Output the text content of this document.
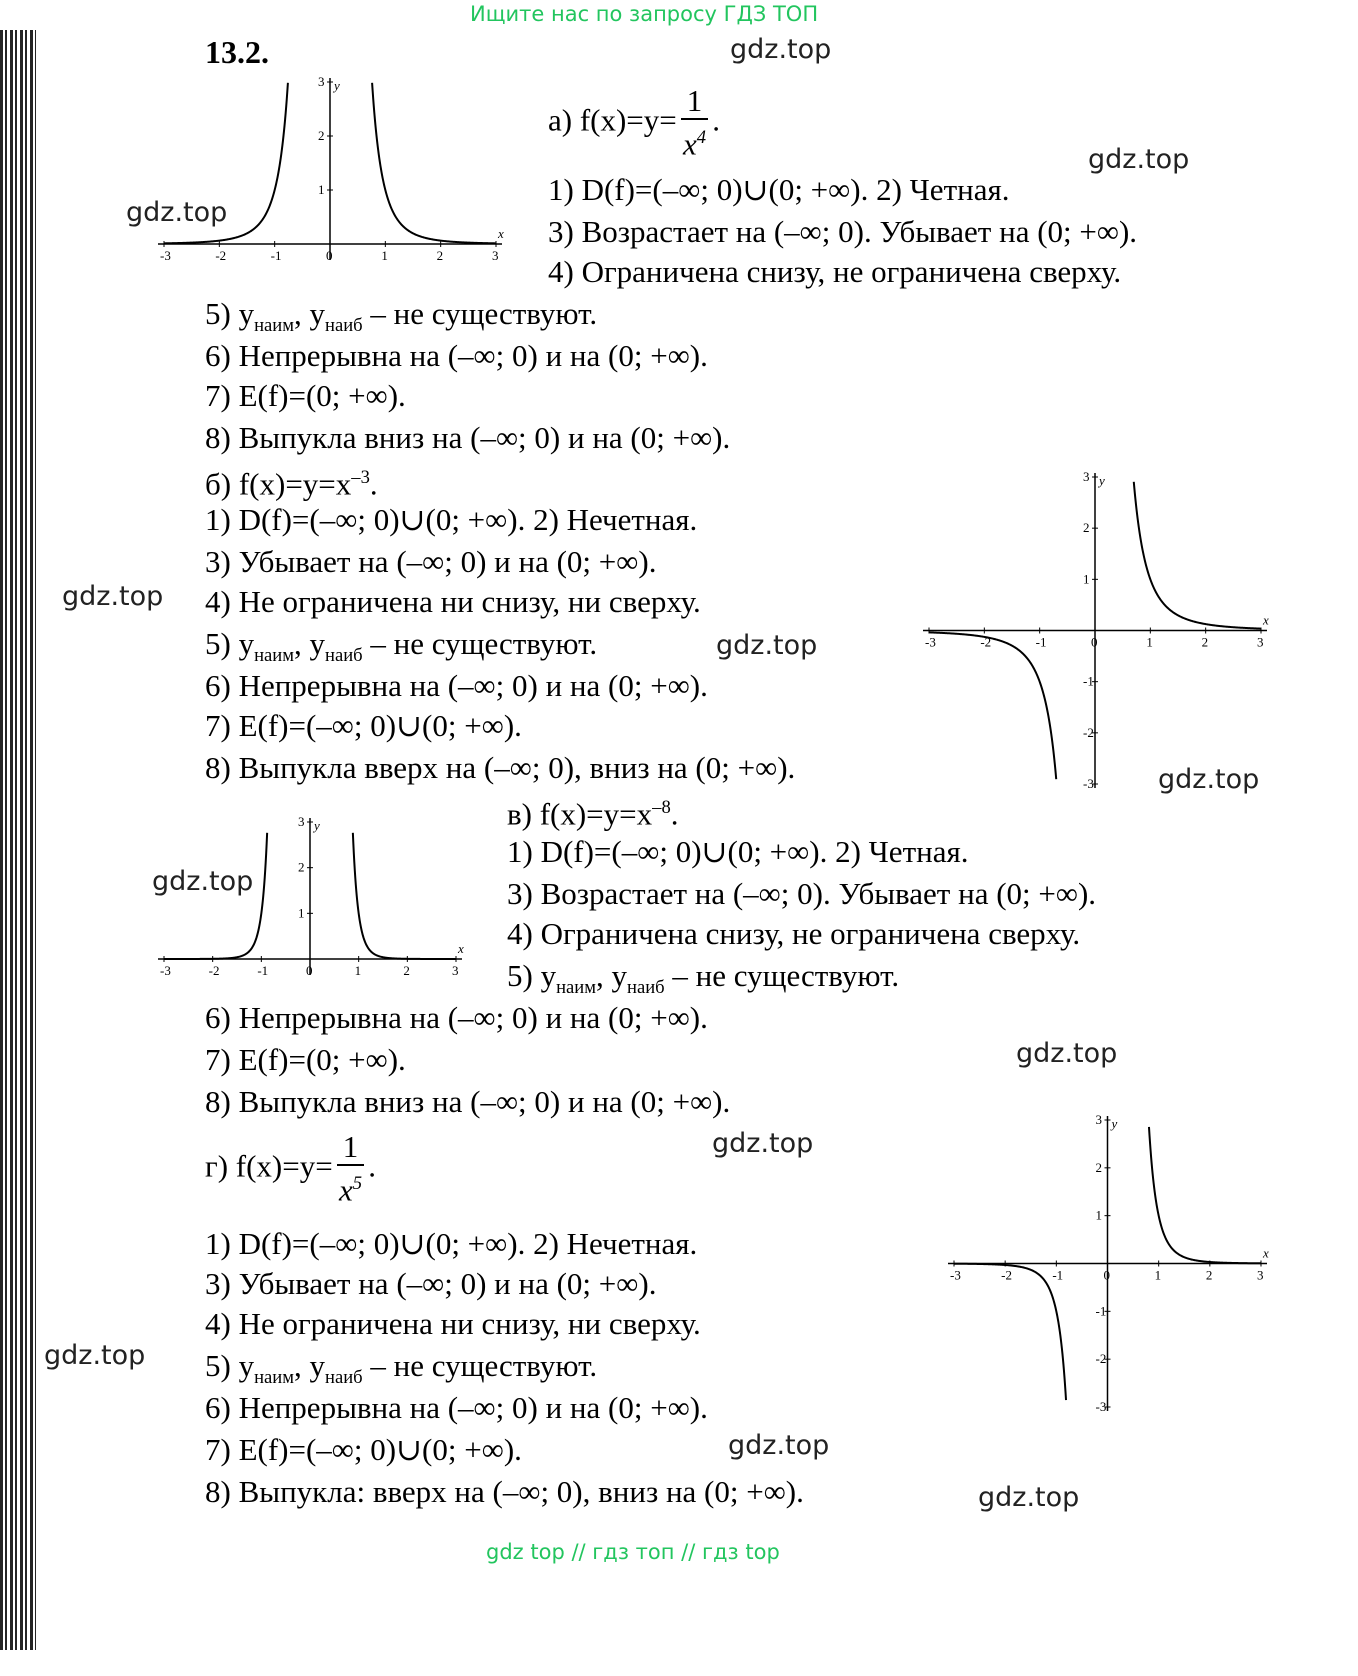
Ищите нас по запросу ГДЗ ТОП
13.2.	gdz.top
gdz.top
gdz.top
gdz.top
gdz.top
gdz.top
gdz.top
gdz.top
gdz.top
gdz.top
gdz.top
gdz.top
x
y
-3	-2	-1	0	1	2	3
1
2
3
x
y
-3	-2	-1	0	1	2	3
-3
-2
-1
1
2
3
x
y
-3	-2	-1	0	1	2	3
1
2
3
x
y
-3	-2	-1	0	1	2	3
-3
-2
-1
1
2
3
а) $f(x)=y= \frac{1}{x^4}$ .
1) D(f)=(–∞; 0)∪(0; +∞). 2) Четная.
3) Возрастает на (–∞; 0). Убывает на (0; +∞).
4) Ограничена снизу, не ограничена сверху.
5) $y_{наим}$, $y_{наиб}$ – не существуют.
6) Непрерывна на (–∞; 0) и на (0; +∞).
7) E(f)=(0; +∞).
8) Выпукла вниз на (–∞; 0) и на (0; +∞).
б) $f(x)=y=x^{-3}$.
1) D(f)=(–∞; 0)∪(0; +∞). 2) Нечетная.
3) Убывает на (–∞; 0) и на (0; +∞).
4) Не ограничена ни снизу, ни сверху.
5) $y_{наим}$, $y_{наиб}$ – не существуют.
6) Непрерывна на (–∞; 0) и на (0; +∞).
7) E(f)=(–∞; 0)∪(0; +∞).
8) Выпукла вверх на (–∞; 0), вниз на (0; +∞).
в) $f(x)=y=x^{-8}$.
1) D(f)=(–∞; 0)∪(0; +∞). 2) Четная.
3) Возрастает на (–∞; 0). Убывает на (0; +∞).
4) Ограничена снизу, не ограничена сверху.
5) $y_{наим}$, $y_{наиб}$ – не существуют.
6) Непрерывна на (–∞; 0) и на (0; +∞).
7) E(f)=(0; +∞).
8) Выпукла вниз на (–∞; 0) и на (0; +∞).
г) $f(x)=y= \frac{1}{x^5}$ .
1) D(f)=(–∞; 0)∪(0; +∞). 2) Нечетная.
3) Убывает на (–∞; 0) и на (0; +∞).
4) Не ограничена ни снизу, ни сверху.
5) $y_{наим}$, $y_{наиб}$ – не существуют.
6) Непрерывна на (–∞; 0) и на (0; +∞).
7) E(f)=(–∞; 0)∪(0; +∞).
8) Выпукла: вверх на (–∞; 0), вниз на (0; +∞).
gdz top // гдз топ // гдз top
